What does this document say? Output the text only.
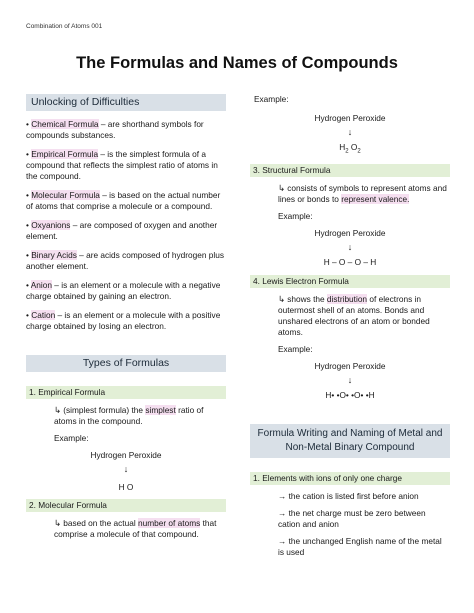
Combination of Atoms 001
The Formulas and Names of Compounds
Unlocking of Difficulties

• Chemical Formula – are shorthand symbols for compounds substances.

• Empirical Formula – is the simplest formula of a compound that reflects the simplest ratio of atoms in the compound.

• Molecular Formula – is based on the actual number of atoms that comprise a molecule or a compound.

• Oxyanions – are composed of oxygen and another element.

• Binary Acids – are acids composed of hydrogen plus another element.

• Anion – is an element or a molecule with a negative charge obtained by gaining an electron.

• Cation – is an element or a molecule with a positive charge obtained by losing an electron.

Types of Formulas
1. Empirical Formula

↳ (simplest formula) the simplest ratio of atoms in the compound.

Example:

Hydrogen Peroxide

↓

H O

2. Molecular Formula

↳ based on the actual number of atoms that comprise a molecule of that compound.

Example:

Hydrogen Peroxide

↓

$H_2$ $O_2$

3. Structural Formula

↳ consists of symbols to represent atoms and lines or bonds to represent valence.

Example:

Hydrogen Peroxide

↓

H – O – O – H

4. Lewis Electron Formula

↳ shows the distribution of electrons in outermost shell of an atoms. Bonds and unshared electrons of an atom or bonded atoms.

Example:

Hydrogen Peroxide

↓

H• •O• •O• •H

Formula Writing and Naming of Metal and Non-Metal Binary Compound
1. Elements with ions of only one charge

→ the cation is listed first before anion

→ the net charge must be zero between cation and anion

→ the unchanged English name of the metal is used
